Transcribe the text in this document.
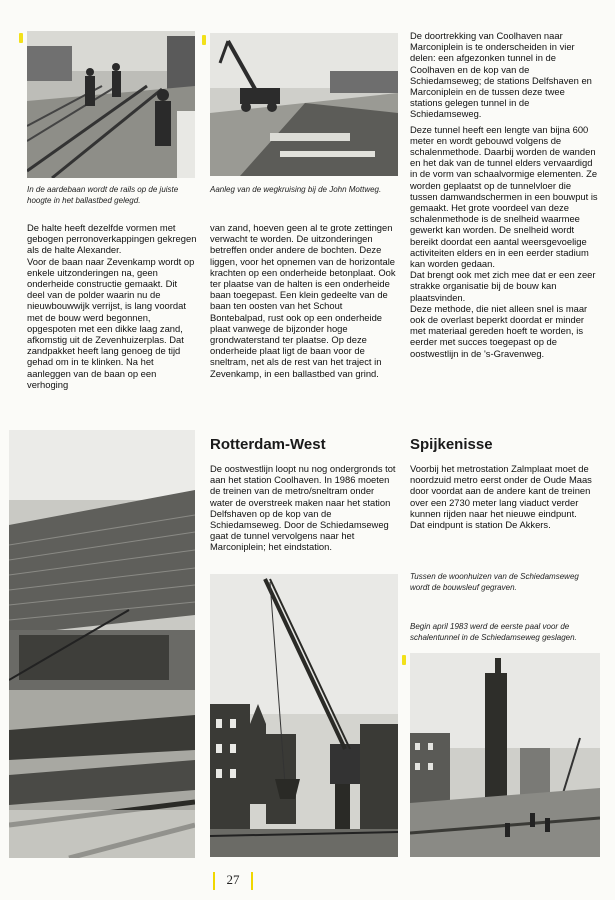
In de aardebaan wordt de rails op de juiste hoogte in het ballastbed gelegd.
Aanleg van de wegkruising bij de John Mottweg.

De halte heeft dezelfde vormen met gebogen perronoverkappingen gekregen als de halte Alexander.

Voor de baan naar Zevenkamp wordt op enkele uitzonderingen na, geen onderheide constructie gemaakt. Dit deel van de polder waarin nu de nieuwbouwwijk verrijst, is lang voordat met de bouw werd begonnen, opgespoten met een dikke laag zand, afkomstig uit de Zevenhuizerplas. Dat zandpakket heeft lang genoeg de tijd gehad om in te klinken. Na het aanleggen van de baan op een verhoging

van zand, hoeven geen al te grote zettingen verwacht te worden. De uitzonderingen betreffen onder andere de bochten. Deze liggen, voor het opnemen van de horizontale krachten op een onderheide betonplaat. Ook ter plaatse van de halten is een onderheide baan toegepast. Een klein gedeelte van de baan ten oosten van het Schout Bontebalpad, rust ook op een onderheide plaat vanwege de bijzonder hoge grondwaterstand ter plaatse. Op deze onderheide plaat ligt de baan voor de sneltram, net als de rest van het traject in Zevenkamp, in een ballastbed van grind.

De doortrekking van Coolhaven naar Marconiplein is te onderscheiden in vier delen: een afgezonken tunnel in de Coolhaven en de kop van de Schiedamseweg; de stations Delfshaven en Marconiplein en de tussen deze twee stations gelegen tunnel in de Schiedamseweg.

Deze tunnel heeft een lengte van bijna 600 meter en wordt gebouwd volgens de schalenmethode. Daarbij worden de wanden en het dak van de tunnel elders vervaardigd in de vorm van schaalvormige elementen. Ze worden geplaatst op de tunnelvloer die tussen damwandschermen in een bouwput is gemaakt. Het grote voordeel van deze schalenmethode is de snelheid waarmee gewerkt kan worden. De snelheid wordt bereikt doordat een aantal weersgevoelige activiteiten elders en in een eerder stadium kan worden gedaan.

Dat brengt ook met zich mee dat er een zeer strakke organisatie bij de bouw kan plaatsvinden.

Deze methode, die niet alleen snel is maar ook de overlast beperkt doordat er minder met materiaal gereden hoeft te worden, is eerder met succes toegepast op de oostwestlijn in de 's-Gravenweg.

Rotterdam-West

De oostwestlijn loopt nu nog ondergronds tot aan het station Coolhaven. In 1986 moeten de treinen van de metro/sneltram onder water de overstreek maken naar het station Delfshaven op de kop van de Schiedamseweg. Door de Schiedamseweg gaat de tunnel vervolgens naar het Marconiplein; het eindstation.

Spijkenisse

Voorbij het metrostation Zalmplaat moet de noordzuid metro eerst onder de Oude Maas door voordat aan de andere kant de treinen over een 2730 meter lang viaduct verder kunnen rijden naar het nieuwe eindpunt.

Dat eindpunt is station De Akkers.

Tussen de woonhuizen van de Schiedamseweg wordt de bouwsleuf gegraven.
Begin april 1983 werd de eerste paal voor de schalentunnel in de Schiedamseweg geslagen.
27
